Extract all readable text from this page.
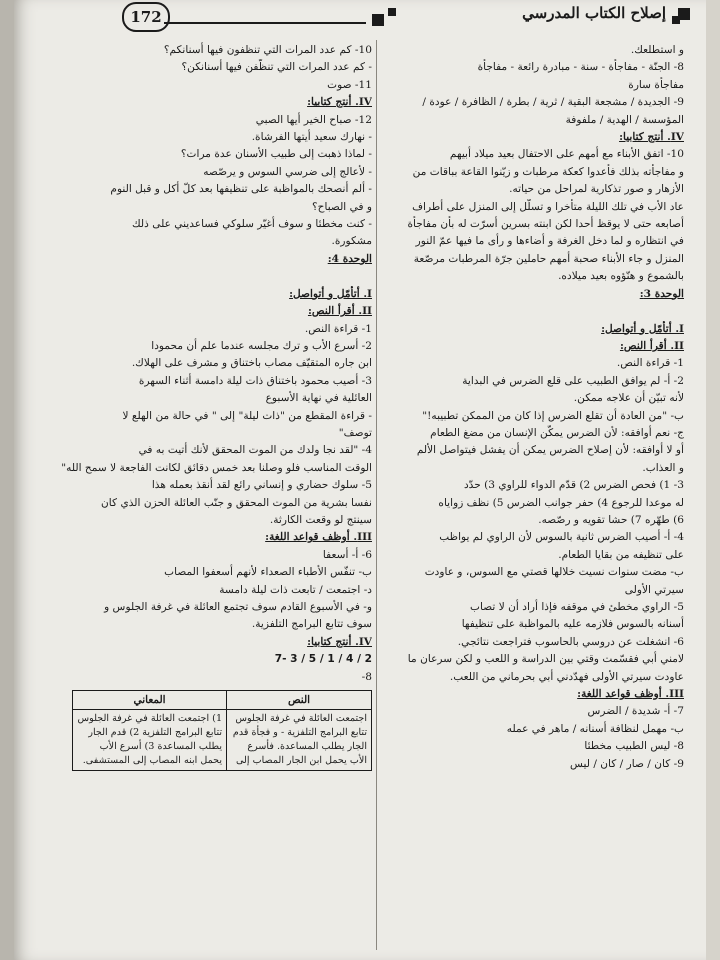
إصلاح الكتاب المدرسي
172
و استطلعك.
8- الجنّة - مفاجأة - سنة - مبادرة رائعة - مفاجأة
مفاجأة سارة
9- الجديدة / مشجعة البقية / ثرية / بطرة / الظافرة / عودة /
المؤسسة / الهدية / ملفوفة
IV. أنتج كتابيا:
10- اتفق الأبناء مع أمهم على الاحتفال بعيد ميلاد أبيهم
و مفاجأته بذلك فأعدوا كعكة مرطبات و زيّنوا القاعة بباقات من
الأزهار و صور تذكارية لمراحل من حياته.
عاد الأب في تلك الليلة متأخرا و تسلّل إلى المنزل على أطراف
أصابعه حتى لا يوقظ أحدا لكن ابنته بسرين أسرّت له بأن مفاجأة
في انتظاره و لما دخل الغرفة و أضاءها و رأى ما فيها عمّ النور
المنزل و جاء الأبناء صحبة أمهم حاملين جرّة المرطبات مرصّعة
بالشموع و هنّؤوه بعيد ميلاده.
الوحدة 3:

I. أتأمّل و أتواصل:
II. أقرأ النص:
1- قراءة النص.
2- أ- لم يوافق الطبيب على قلع الضرس في البداية
لأنه تبيّن أن علاجه ممكن.
ب- "من العادة أن تقلع الضرس إذا كان من الممكن تطبيبه!"
ج- نعم أوافقه: لأن الضرس يمكّن الإنسان من مضغ الطعام
أو لا أوافقه: لأن إصلاح الضرس يمكن أن يفشل فيتواصل الألم
و العذاب.
3- 1) فحص الضرس 2) قدّم الدواء للراوي 3) حدّد
له موعدا للرجوع 4) حفر جوانب الضرس 5) نظف زواياه
6) طهّره 7) حشا تقويه و رصّصه.
4- أ- أصيب الضرس ثانية بالسوس لأن الراوي لم يواظب
على تنظيفه من بقايا الطعام.
ب- مضت سنوات نسيت خلالها قصتي مع السوس، و عاودت
سيرتي الأولى
5- الراوي مخطئ في موقفه فإذا أراد أن لا تصاب
أسنانه بالسوس فلازمه عليه بالمواظبة على تنظيفها
6- انشغلت عن دروسي بالحاسوب فتراجعت نتائجي.
لامني أبي فقسّمت وقتي بين الدراسة و اللعب و لكن سرعان ما
عاودت سيرتي الأولى فهدّدني أبي بحرماني من اللعب.
III. أوظف قواعد اللغة:
7- أ- شديدة / الضرس
ب- مهمل لنظافة أسنانه / ماهر في عمله
8- ليس الطبيب مخطئا
9- كان / صار / كان / ليس
10- كم عدد المرات التي تنظفون فيها أسنانكم؟
- كم عدد المرات التي تنظّفن فيها أسنانكن؟
11- صوت
IV. أنتج كتابيا:
12- صباح الخير أيها الصبي
- نهارك سعيد أيتها الفرشاة.
- لماذا ذهبت إلى طبيب الأسنان عدة مرات؟
- لأعالج إلى ضرسي السوس و يرصّصه
- ألم أنصحك بالمواظبة على تنظيفها بعد كلّ أكل و قبل النوم
و في الصباح؟
- كنت مخطئا و سوف أغيّر سلوكي فساعديني على ذلك
مشكورة.
الوحدة 4:

I. أتأمّل و أتواصل:
II. أقرأ النص:
1- قراءة النص.
2- أسرع الأب و ترك مجلسه عندما علم أن محمودا
ابن جاره المتقيّف مصاب باختناق و مشرف على الهلاك.
3- أصيب محمود باختناق ذات ليلة دامسة أثناء السهرة
العائلية في نهاية الأسبوع
- قراءة المقطع من "ذات ليلة" إلى " في حالة من الهلع لا
توصف"
4- "لقد نجا ولدك من الموت المحقق لأنك أتيت به في
الوقت المناسب فلو وصلنا بعد خمس دقائق لكانت الفاجعة لا سمح الله"
5- سلوك حضاري و إنساني رائع لقد أنقذ بعمله هذا
نفسا بشرية من الموت المحقق و جنّب العائلة الحزن الذي كان
سينتج لو وقعت الكارثة.
III. أوظف قواعد اللغة:
6- أ- أسعفا
ب- تنفّس الأطباء الصعداء لأنهم أسعفوا المصاب
د- اجتمعت / تابعت ذات ليلة دامسة
و- في الأسبوع القادم سوف تجتمع العائلة في غرفة الجلوس و
سوف تتابع البرامج التلفزية.
IV. أنتج كتابيا:
7- 3 / 5 / 1 / 4 / 2
8-
النص	المعاني
اجتمعت العائلة في غرفة الجلوس تتابع البرامج التلفزية - و فجأة قدم الجار يطلب المساعدة. فأسرع الأب يحمل ابن الجار المصاب إلى	1) اجتمعت العائلة في غرفة الجلوس تتابع البرامج التلفزية 2) قدم الجار يطلب المساعدة 3) أسرع الأب يحمل ابنه المصاب إلى المستشفى.
